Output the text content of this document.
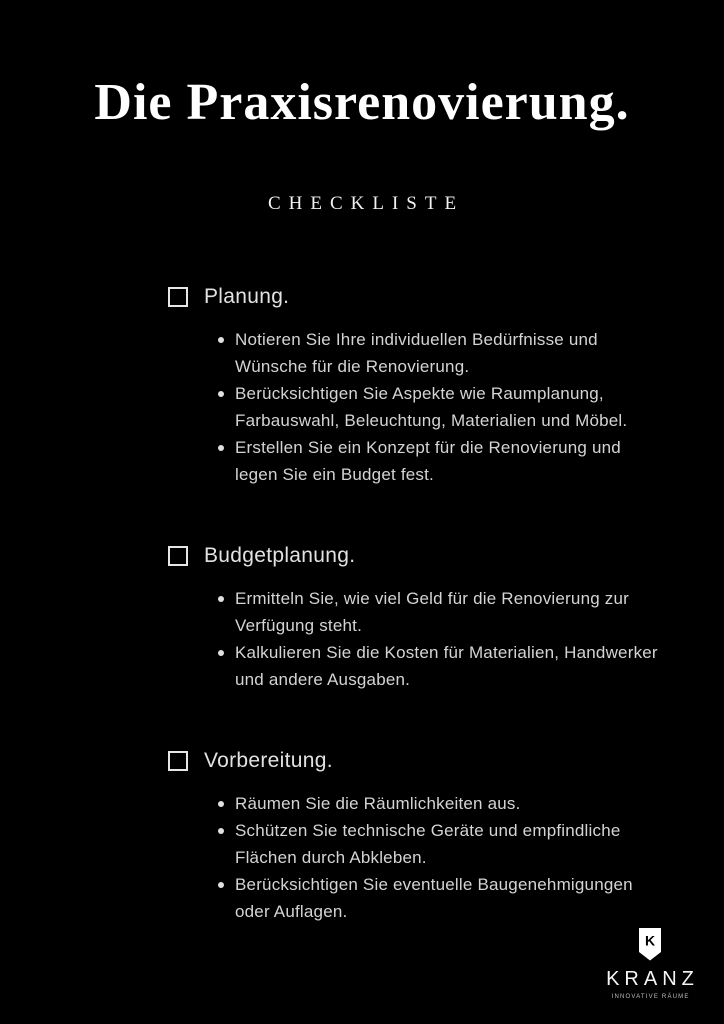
Die Praxisrenovierung.
CHECKLISTE
Planung.
Notieren Sie Ihre individuellen Bedürfnisse und Wünsche für die Renovierung.
Berücksichtigen Sie Aspekte wie Raumplanung, Farbauswahl, Beleuchtung, Materialien und Möbel.
Erstellen Sie ein Konzept für die Renovierung und legen Sie ein Budget fest.
Budgetplanung.
Ermitteln Sie, wie viel Geld für die Renovierung zur Verfügung steht.
Kalkulieren Sie die Kosten für Materialien, Handwerker und andere Ausgaben.
Vorbereitung.
Räumen Sie die Räumlichkeiten aus.
Schützen Sie technische Geräte und empfindliche Flächen durch Abkleben.
Berücksichtigen Sie eventuelle Baugenehmigungen oder Auflagen.
K
KRANZ
INNOVATIVE RÄUME
